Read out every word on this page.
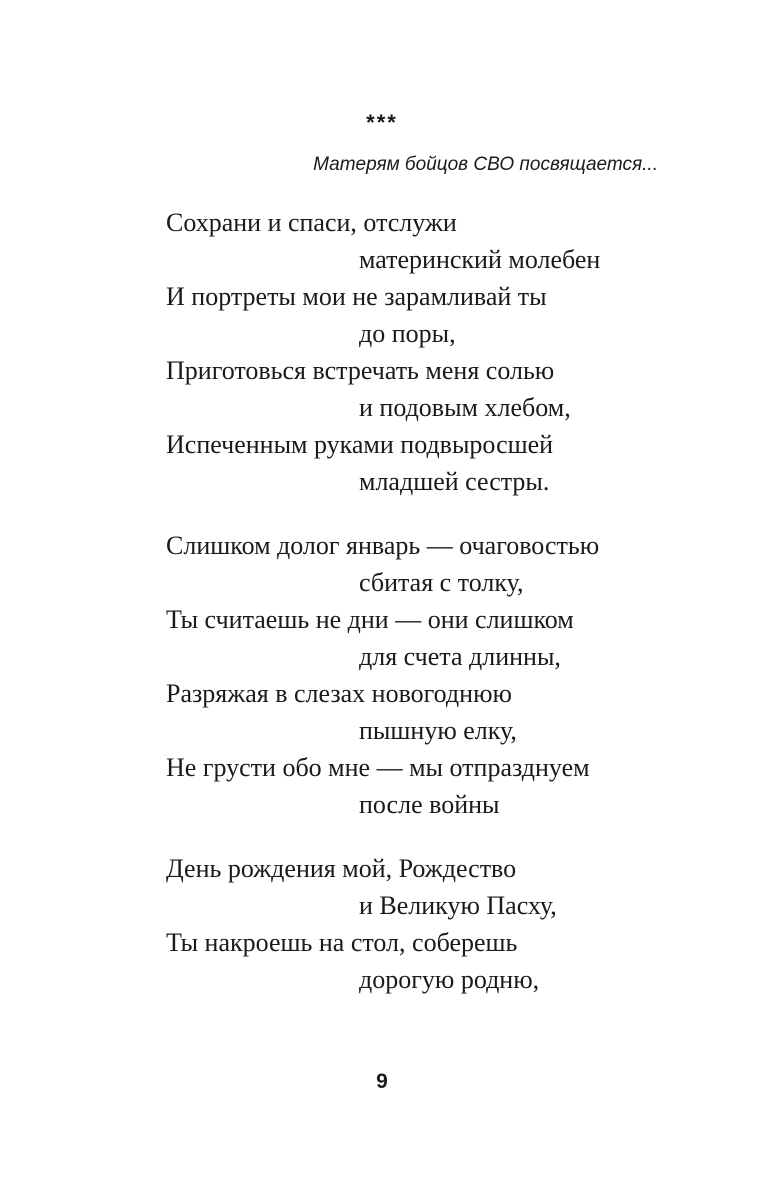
***
Матерям бойцов СВО посвящается...
Сохрани и спаси, отслужи
материнский молебен
И портреты мои не зарамливай ты
до поры,
Приготовься встречать меня солью
и подовым хлебом,
Испеченным руками подвыросшей
младшей сестры.
Слишком долог январь — очаговостью
сбитая с толку,
Ты считаешь не дни — они слишком
для счета длинны,
Разряжая в слезах новогоднюю
пышную елку,
Не грусти обо мне — мы отпразднуем
после войны
День рождения мой, Рождество
и Великую Пасху,
Ты накроешь на стол, соберешь
дорогую родню,
9
